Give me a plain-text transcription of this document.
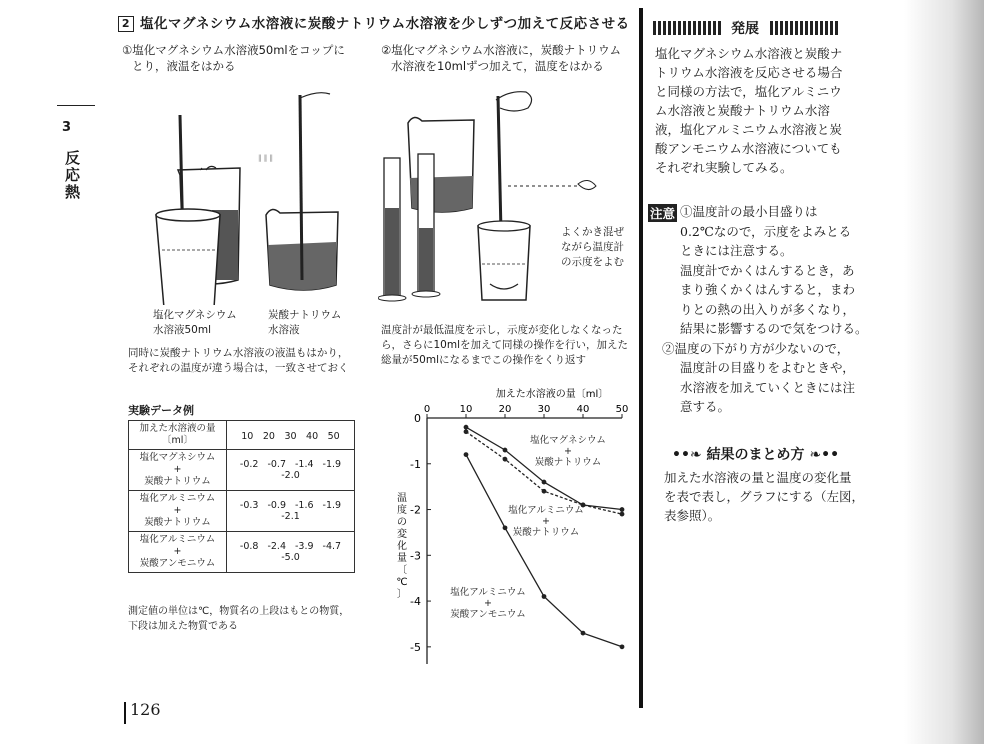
2 塩化マグネシウム水溶液に炭酸ナトリウム水溶液を少しずつ加えて反応させる
3
反応熱
①塩化マグネシウム水溶液50mlをコップに
とり，液温をはかる
②塩化マグネシウム水溶液に，炭酸ナトリウム
水溶液を10mlずつ加えて，温度をはかる
‖ ‖ ‖
塩化マグネシウム
水溶液50ml
炭酸ナトリウム
水溶液
同時に炭酸ナトリウム水溶液の液温もはかり，
それぞれの温度が違う場合は，一致させておく
よくかき混ぜ
ながら温度計
の示度をよむ
温度計が最低温度を示し，示度が変化しなくなった
ら，さらに10mlを加えて同様の操作を行い，加えた
総量が50mlになるまでこの操作をくり返す
実験データ例
加えた水溶液の量
〔ml〕	10　20　30　40　50

塩化マグネシウム
+
炭酸ナトリウム	-0.2 -0.7 -1.4 -1.9 -2.0

塩化アルミニウム
+
炭酸ナトリウム	-0.3 -0.9 -1.6 -1.9 -2.1

塩化アルミニウム
+
炭酸アンモニウム	-0.8 -2.4 -3.9 -4.7 -5.0
測定値の単位は℃，物質名の上段はもとの物質，
下段は加えた物質である
加えた水溶液の量〔ml〕
温
度
の
変
化
量
〔
℃
〕
0	10	20	30	40	50
0
-1
-2
-3
-4
-5
塩化マグネシウム
+
炭酸ナトリウム
塩化アルミニウム
+
炭酸ナトリウム
塩化アルミニウム
+
炭酸アンモニウム
発展
塩化マグネシウム水溶液と炭酸ナ
トリウム水溶液を反応させる場合
と同様の方法で，塩化アルミニウ
ム水溶液と炭酸ナトリウム水溶
液，塩化アルミニウム水溶液と炭
酸アンモニウム水溶液についても
それぞれ実験してみる。
注意 ①温度計の最小目盛りは

0.2℃なので，示度をよみとる

ときには注意する。

温度計でかくはんするとき，あ

まり強くかくはんすると，まわ

りとの熱の出入りが多くなり，

結果に影響するので気をつける。

②温度の下がり方が少ないので，

温度計の目盛りをよむときや，

水溶液を加えていくときには注

意する。

••❧ 結果のまとめ方 ❧••
加えた水溶液の量と温度の変化量
を表で表し，グラフにする（左図，
表参照）。
126
